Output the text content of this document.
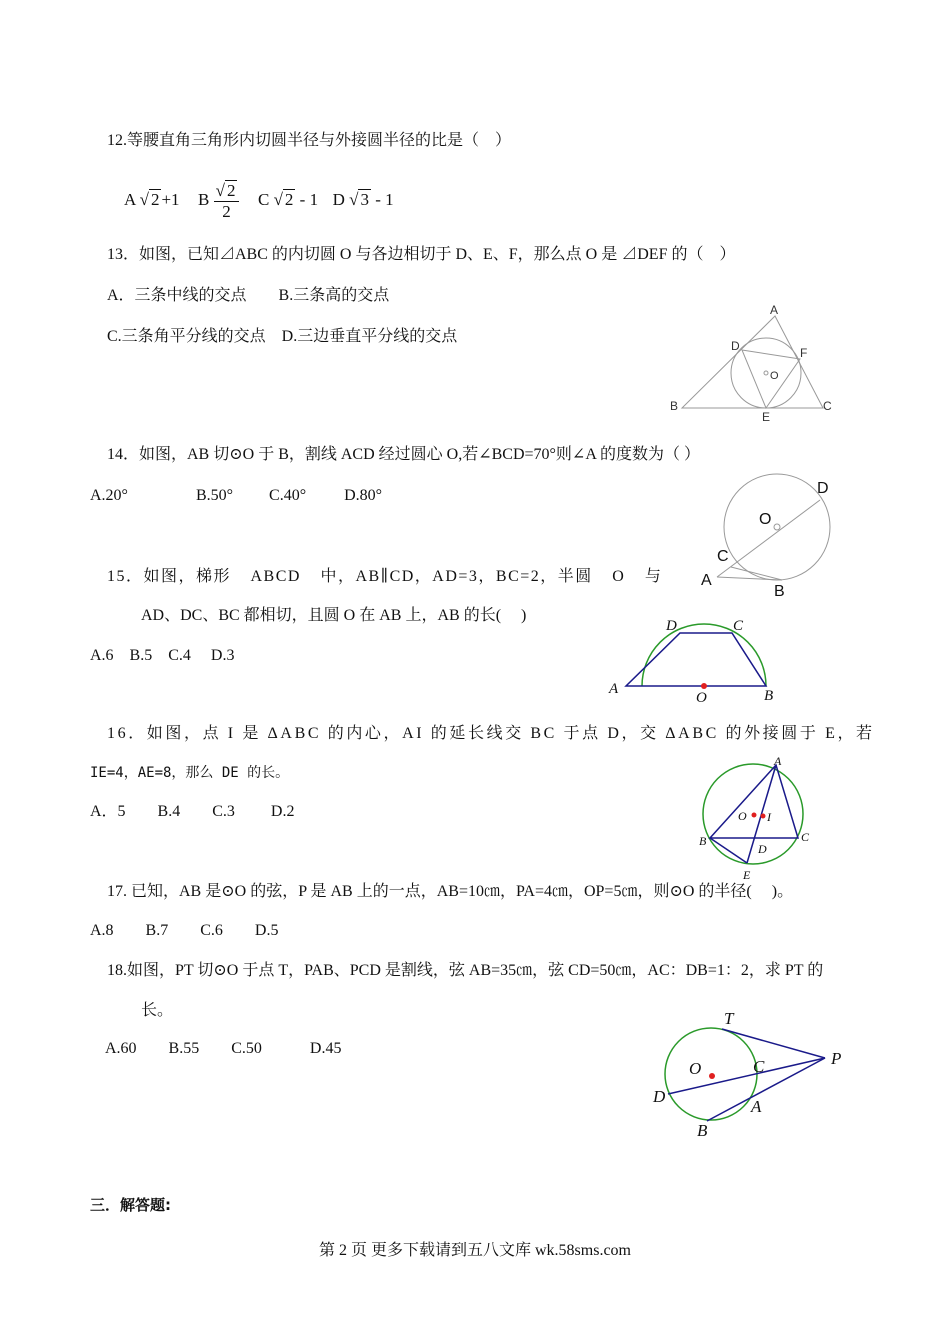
12.等腰直角三角形内切圆半径与外接圆半径的比是（　）
A √ 2 +1 B $\frac{√ 2}{2}$ C √ 2 - 1 D √ 3 - 1
13．如图，已知⊿ABC 的内切圆 O 与各边相切于 D、E、F，那么点 O 是 ⊿DEF 的（　）
A．三条中线的交点　　B.三条高的交点
C.三条角平分线的交点　D.三边垂直平分线的交点
A
B	C
D
E
F
O
14．如图，AB 切⊙O 于 B，割线 ACD 经过圆心 O,若∠BCD=70°则∠A 的度数为（ ）
A.20°	B.50° C.40° D.80°	D
O
C
A
B
15．如图，梯形 ABCD 中，AB∥CD，AD=3，BC=2，半圆 O 与
AD、DC、BC 都相切，且圆 O 在 AB 上，AB 的长(　 )
A.6　B.5　C.4　 D.3
D	C
A
O	B
16．如图，点 I 是 ΔABC 的内心，AI 的延长线交 BC 于点 D，交 ΔABC 的外接圆于 E，若
IE=4，AE=8，那么 DE 的长。
A．5　　B.4　　C.3　　 D.2
A
O I
B	C
D
E
17. 已知，AB 是⊙O 的弦，P 是 AB 上的一点，AB=10㎝，PA=4㎝，OP=5㎝，则⊙O 的半径(　 )。
A.8　　B.7　　C.6　　D.5
18.如图，PT 切⊙O 于点 T，PAB、PCD 是割线，弦 AB=35㎝，弦 CD=50㎝，AC：DB=1：2，求 PT 的
长。
A.60　　B.55　　C.50　　　D.45
T
P
O	C
D
A
B
三．解答题:
第 2 页 更多下载请到五八文库 wk.58sms.com
